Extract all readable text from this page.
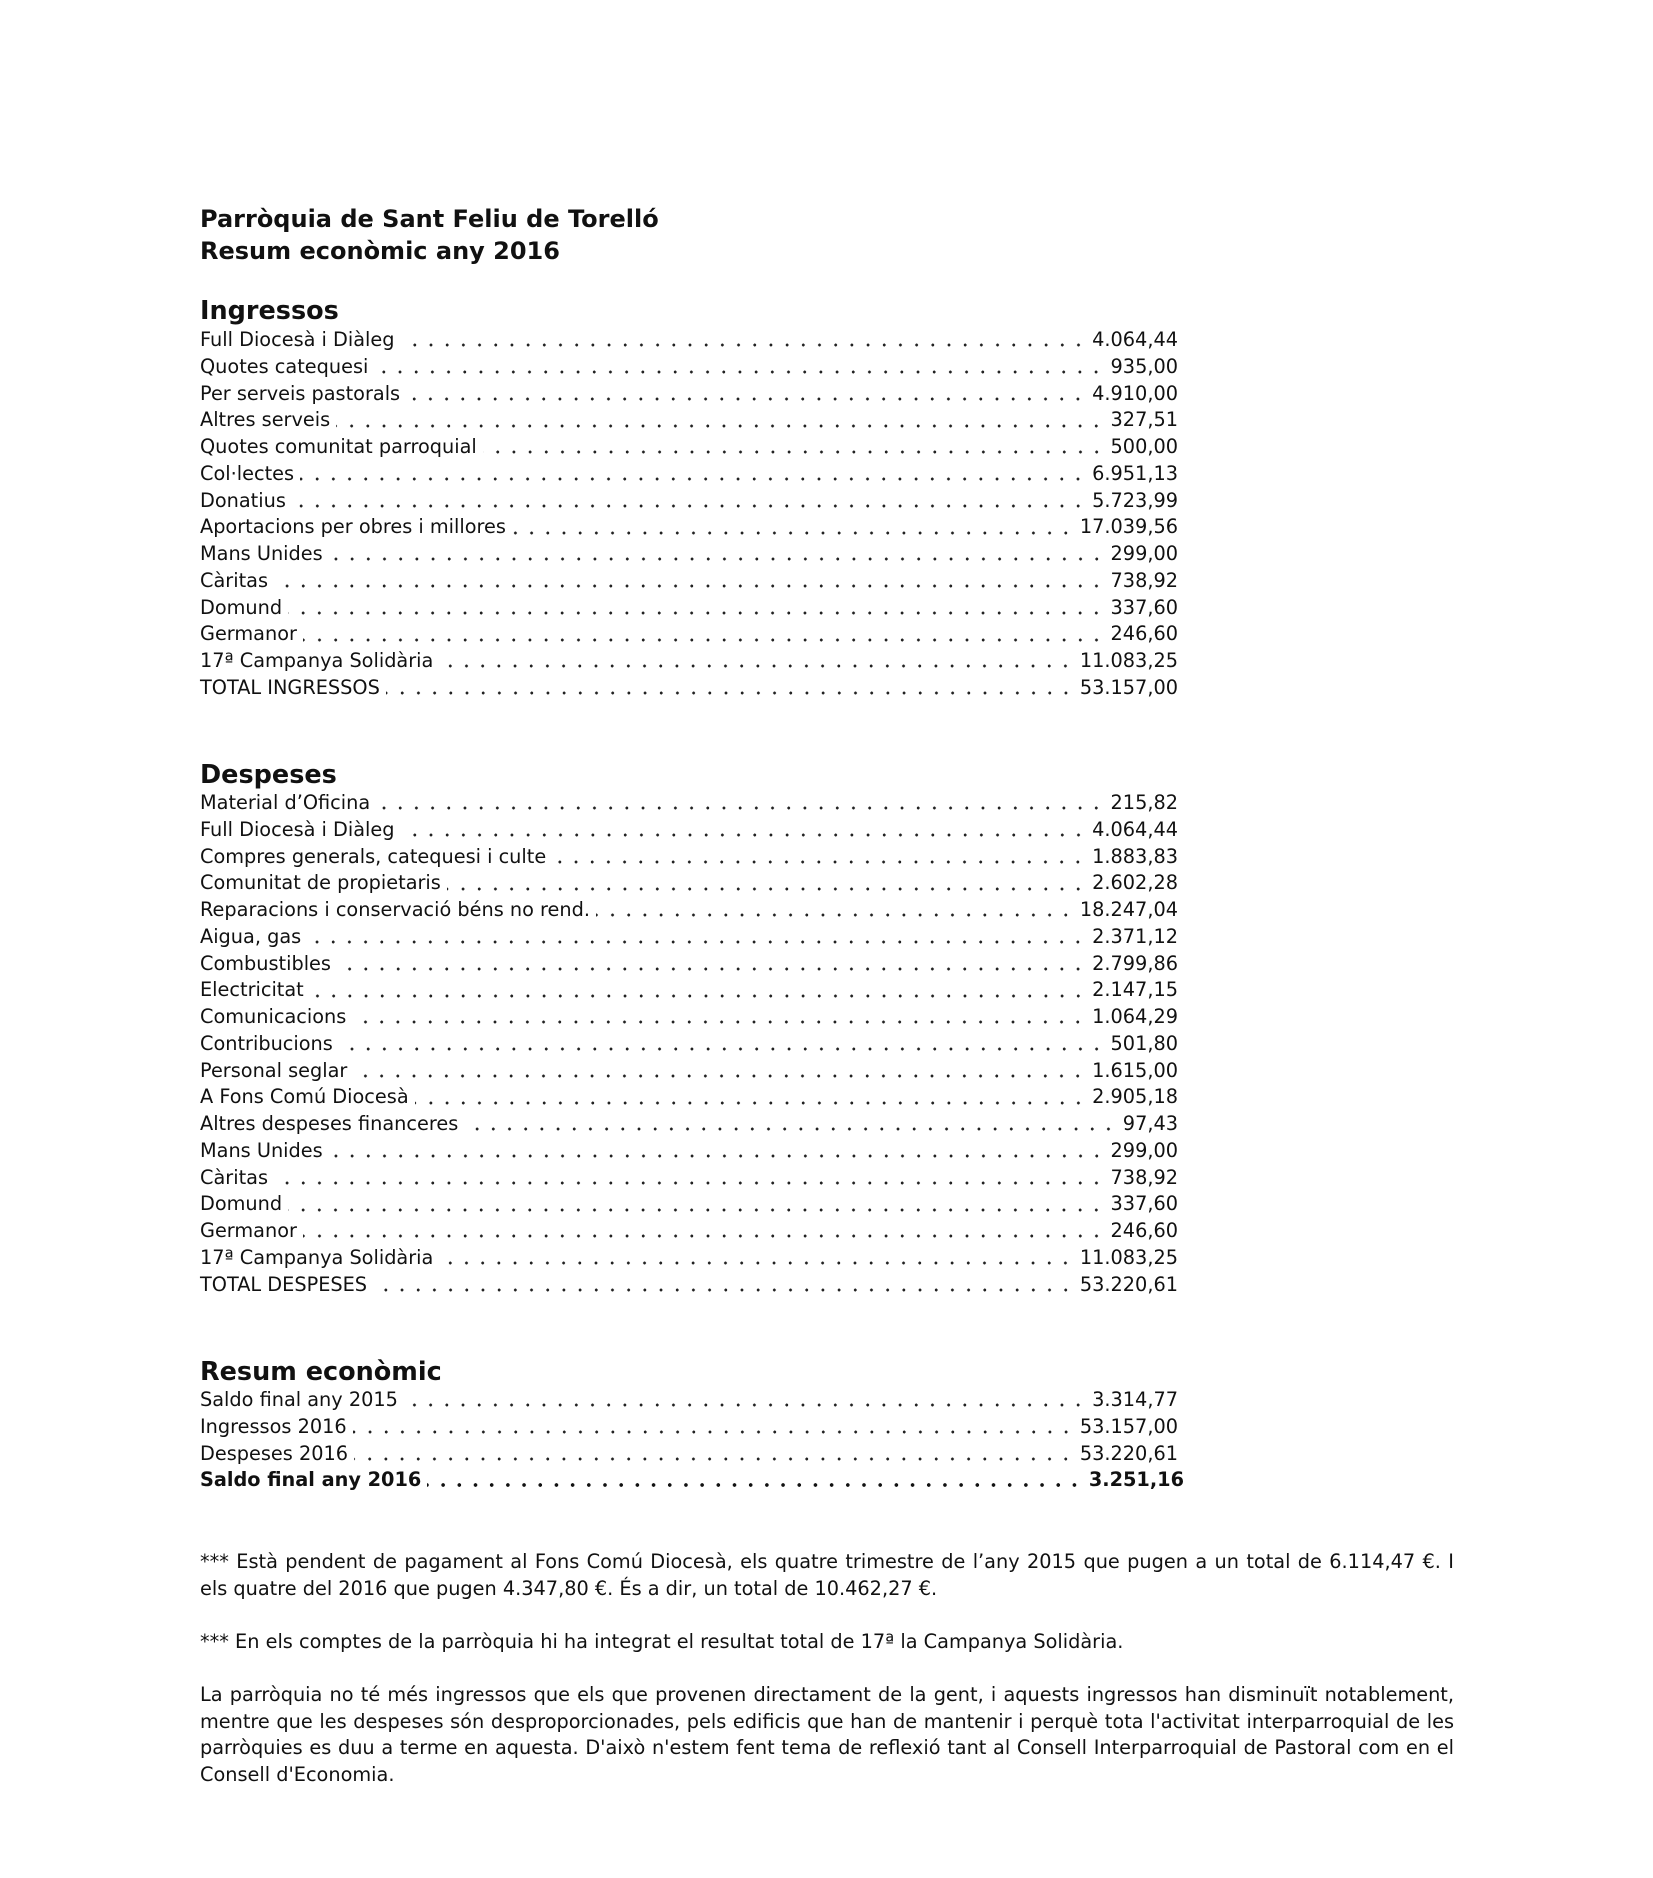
Parròquia de Sant Feliu de Torelló
Resum econòmic any 2016
Ingressos
Full Diocesà i Diàleg	4.064,44
Quotes catequesi	935,00
Per serveis pastorals	4.910,00
Altres serveis	327,51
Quotes comunitat parroquial	500,00
Col·lectes	6.951,13
Donatius	5.723,99
Aportacions per obres i millores	17.039,56
Mans Unides	299,00
Càritas	738,92
Domund	337,60
Germanor	246,60
17ª Campanya Solidària	11.083,25
TOTAL INGRESSOS	53.157,00
Despeses
Material d’Oficina	215,82
Full Diocesà i Diàleg	4.064,44
Compres generals, catequesi i culte	1.883,83
Comunitat de propietaris	2.602,28
Reparacions i conservació béns no rend.	18.247,04
Aigua, gas	2.371,12
Combustibles	2.799,86
Electricitat	2.147,15
Comunicacions	1.064,29
Contribucions	501,80
Personal seglar	1.615,00
A Fons Comú Diocesà	2.905,18
Altres despeses financeres	97,43
Mans Unides	299,00
Càritas	738,92
Domund	337,60
Germanor	246,60
17ª Campanya Solidària	11.083,25
TOTAL DESPESES	53.220,61
Resum econòmic
Saldo final any 2015	3.314,77
Ingressos 2016	53.157,00
Despeses 2016	53.220,61
Saldo final any 2016	3.251,16

*** Està pendent de pagament al Fons Comú Diocesà, els quatre trimestre de l’any 2015 que pugen a un total de 6.114,47 €. I els quatre del 2016 que pugen 4.347,80 €. És a dir, un total de 10.462,27 €.

*** En els comptes de la parròquia hi ha integrat el resultat total de 17ª la Campanya Solidària.

La parròquia no té més ingressos que els que provenen directament de la gent, i aquests ingressos han disminuït notablement, mentre que les despeses són desproporcionades, pels edificis que han de mantenir i perquè tota l'activitat interparroquial de les parròquies es duu a terme en aquesta. D'això n'estem fent tema de reflexió tant al Consell Interparroquial de Pastoral com en el Consell d'Economia.
